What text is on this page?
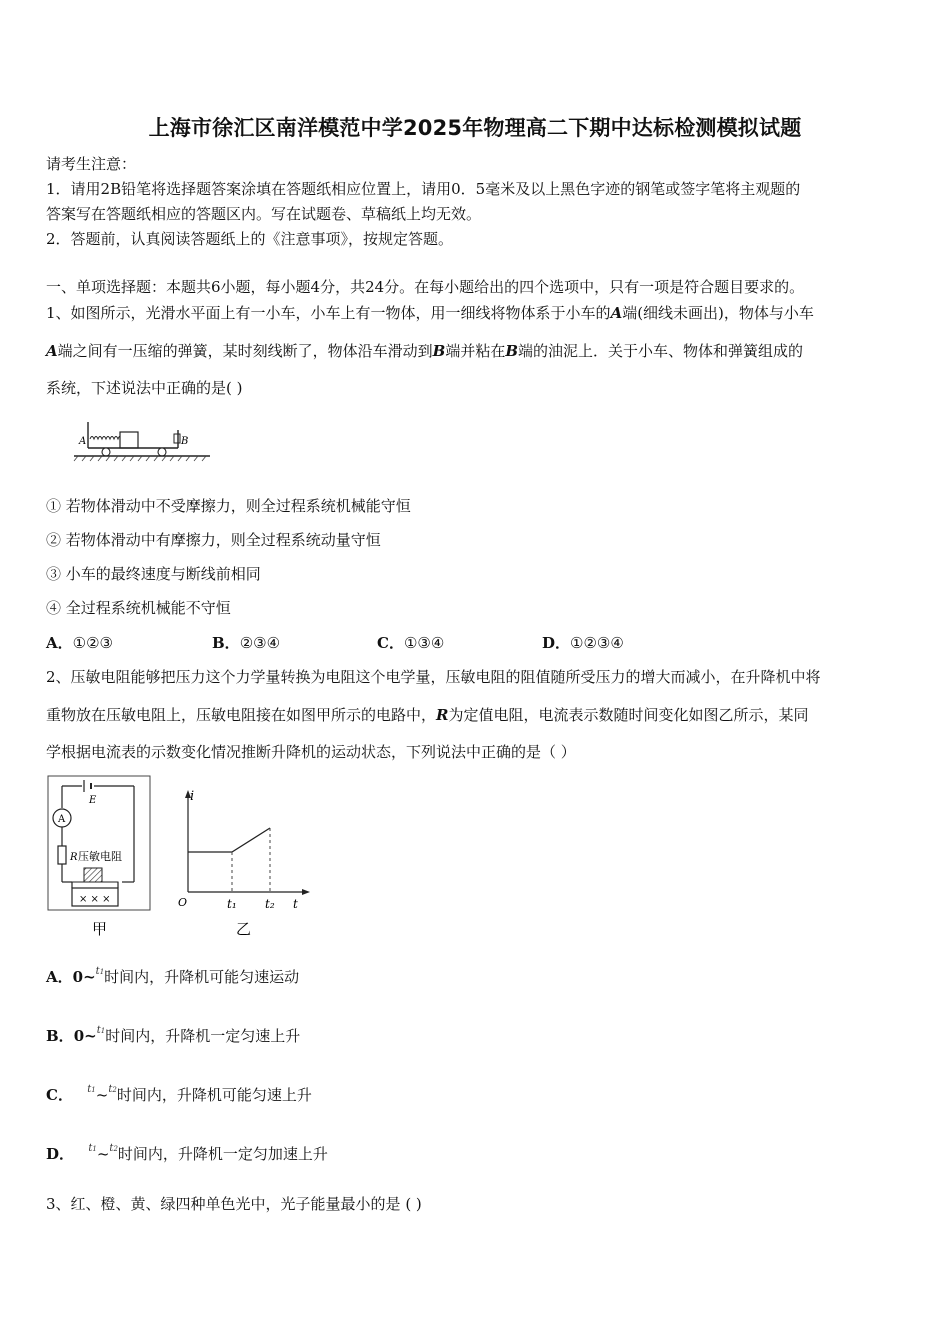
上海市徐汇区南洋模范中学2025年物理高二下期中达标检测模拟试题
请考生注意：
1．请用2B铅笔将选择题答案涂填在答题纸相应位置上，请用0．5毫米及以上黑色字迹的钢笔或签字笔将主观题的
答案写在答题纸相应的答题区内。写在试题卷、草稿纸上均无效。
2．答题前，认真阅读答题纸上的《注意事项》，按规定答题。
一、单项选择题：本题共6小题，每小题4分，共24分。在每小题给出的四个选项中，只有一项是符合题目要求的。
1、如图所示，光滑水平面上有一小车，小车上有一物体，用一细线将物体系于小车的A端(细线未画出)，物体与小车
A端之间有一压缩的弹簧，某时刻线断了，物体沿车滑动到B端并粘在B端的油泥上．关于小车、物体和弹簧组成的
系统，下述说法中正确的是( )
A	B
① 若物体滑动中不受摩擦力，则全过程系统机械能守恒
② 若物体滑动中有摩擦力，则全过程系统动量守恒
③ 小车的最终速度与断线前相同
④ 全过程系统机械能不守恒
A．①②③	B．②③④	C．①③④	D．①②③④
2、压敏电阻能够把压力这个力学量转换为电阻这个电学量，压敏电阻的阻值随所受压力的增大而减小，在升降机中将
重物放在压敏电阻上，压敏电阻接在如图甲所示的电路中，R为定值电阻，电流表示数随时间变化如图乙所示，某同
学根据电流表的示数变化情况推断升降机的运动状态，下列说法中正确的是（ ）
E
A
R 压敏电阻
× × ×
甲
i
O	t₁ t₂ t
乙
A．0~$^{t1}$时间内，升降机可能匀速运动
B．0~$^{t1}$时间内，升降机一定匀速上升
C． $^{t1}$~$^{t2}$时间内，升降机可能匀速上升
D． $^{t1}$~$^{t2}$时间内，升降机一定匀加速上升
3、红、橙、黄、绿四种单色光中，光子能量最小的是 ( )
